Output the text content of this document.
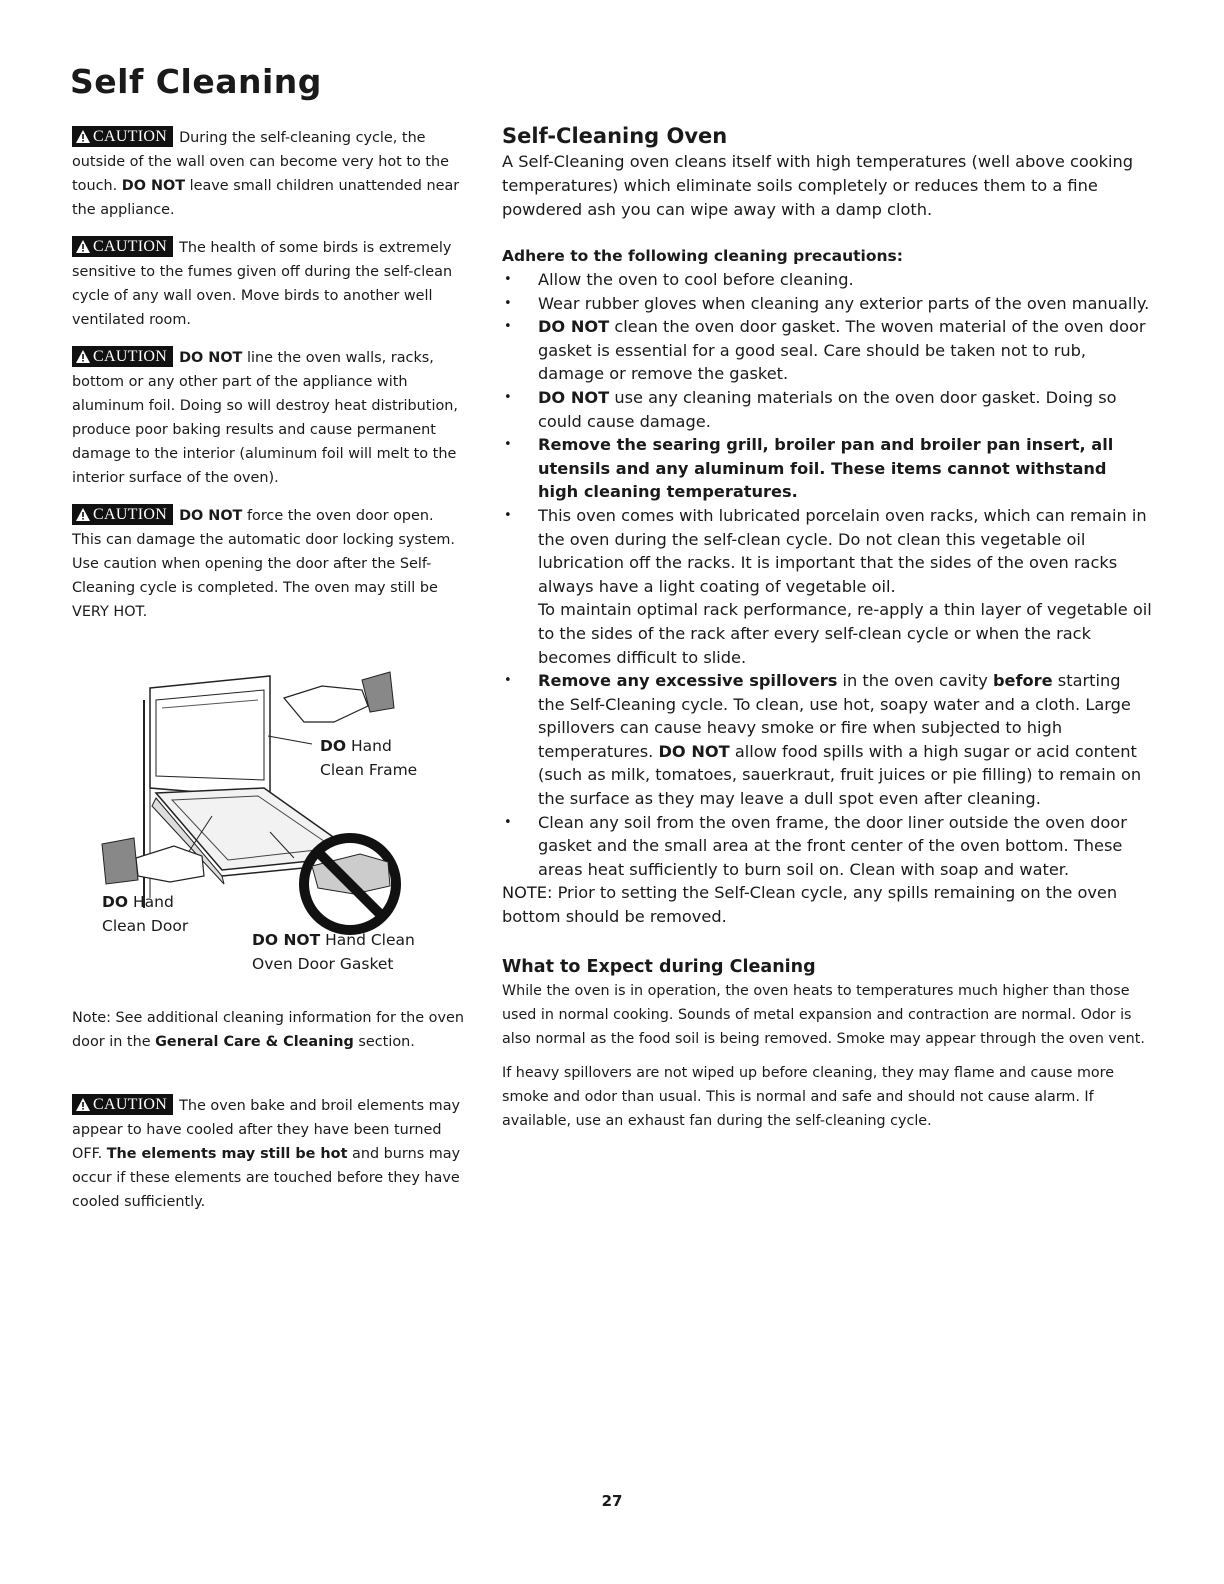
Self Cleaning

CAUTION During the self-cleaning cycle, the outside of the wall oven can become very hot to the touch. DO NOT leave small children unattended near the appliance.

CAUTION The health of some birds is extremely sensitive to the fumes given off during the self-clean cycle of any wall oven. Move birds to another well ventilated room.

CAUTION DO NOT line the oven walls, racks, bottom or any other part of the appliance with aluminum foil. Doing so will destroy heat distribution, produce poor baking results and cause permanent damage to the interior (aluminum foil will melt to the interior surface of the oven).

CAUTION DO NOT force the oven door open. This can damage the automatic door locking system. Use caution when opening the door after the Self-Cleaning cycle is completed. The oven may still be VERY HOT.

DO Hand
Clean Frame
DO Hand
Clean Door
DO NOT Hand Clean
Oven Door Gasket

Note: See additional cleaning information for the oven door in the General Care & Cleaning section.

CAUTION The oven bake and broil elements may appear to have cooled after they have been turned OFF. The elements may still be hot and burns may occur if these elements are touched before they have cooled sufficiently.

Self-Cleaning Oven

A Self-Cleaning oven cleans itself with high temperatures (well above cooking temperatures) which eliminate soils completely or reduces them to a fine powdered ash you can wipe away with a damp cloth.

Adhere to the following cleaning precautions:

• Allow the oven to cool before cleaning.
• Wear rubber gloves when cleaning any exterior parts of the oven manually.
• DO NOT clean the oven door gasket. The woven material of the oven door gasket is essential for a good seal. Care should be taken not to rub, damage or remove the gasket.
• DO NOT use any cleaning materials on the oven door gasket. Doing so could cause damage.
• Remove the searing grill, broiler pan and broiler pan insert, all utensils and any aluminum foil. These items cannot withstand high cleaning temperatures.
• This oven comes with lubricated porcelain oven racks, which can remain in the oven during the self-clean cycle. Do not clean this vegetable oil lubrication off the racks. It is important that the sides of the oven racks always have a light coating of vegetable oil.
To maintain optimal rack performance, re-apply a thin layer of vegetable oil to the sides of the rack after every self-clean cycle or when the rack becomes difficult to slide.
• Remove any excessive spillovers in the oven cavity before starting the Self-Cleaning cycle. To clean, use hot, soapy water and a cloth. Large spillovers can cause heavy smoke or fire when subjected to high temperatures. DO NOT allow food spills with a high sugar or acid content (such as milk, tomatoes, sauerkraut, fruit juices or pie filling) to remain on the surface as they may leave a dull spot even after cleaning.
• Clean any soil from the oven frame, the door liner outside the oven door gasket and the small area at the front center of the oven bottom. These areas heat sufficiently to burn soil on. Clean with soap and water.

NOTE: Prior to setting the Self-Clean cycle, any spills remaining on the oven bottom should be removed.

What to Expect during Cleaning

While the oven is in operation, the oven heats to temperatures much higher than those used in normal cooking. Sounds of metal expansion and contraction are normal. Odor is also normal as the food soil is being removed. Smoke may appear through the oven vent.

If heavy spillovers are not wiped up before cleaning, they may flame and cause more smoke and odor than usual. This is normal and safe and should not cause alarm. If available, use an exhaust fan during the self-cleaning cycle.

27
